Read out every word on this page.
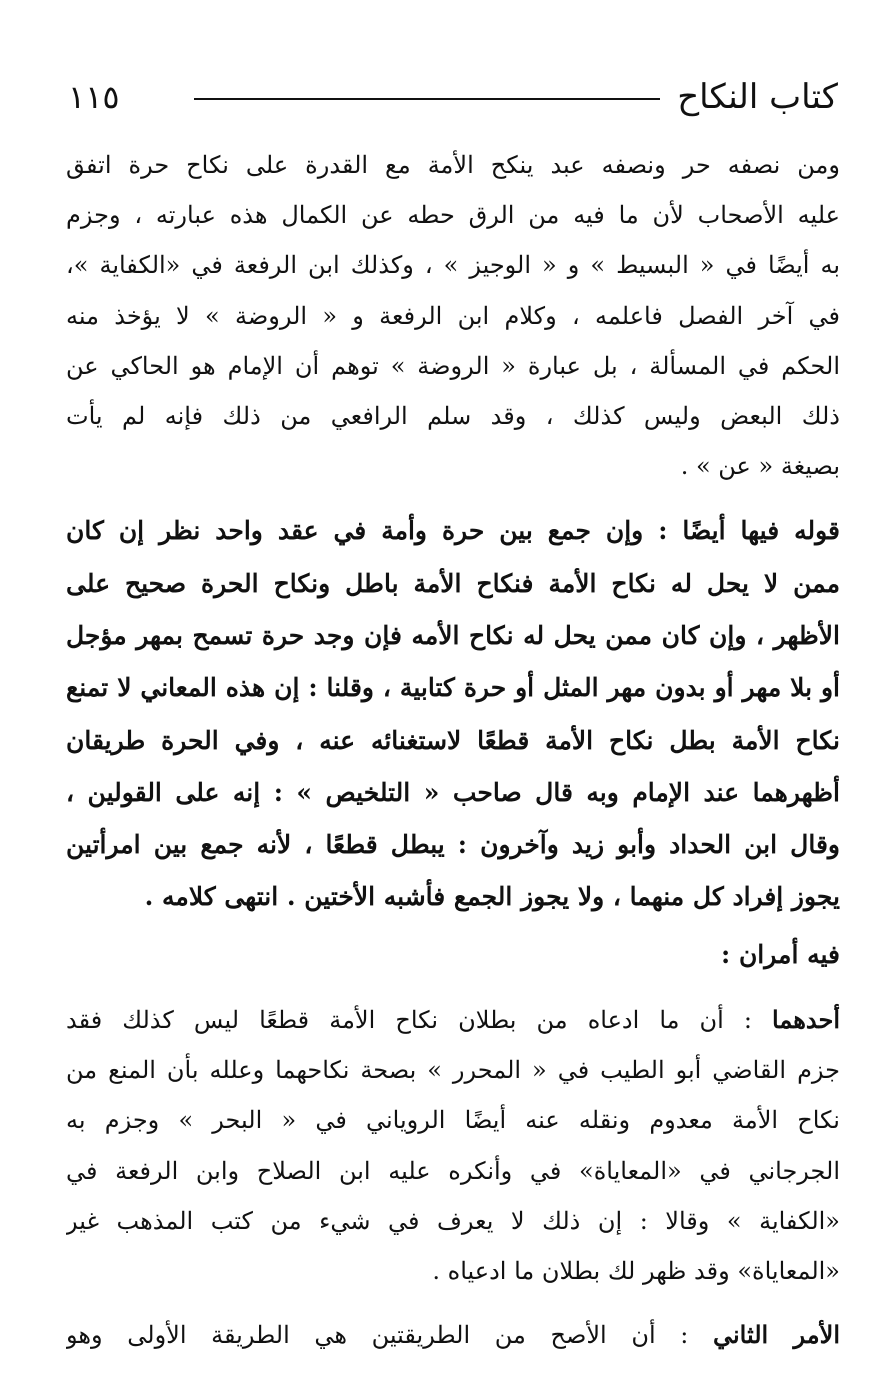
كتاب النكاح
١١٥
ومن نصفه حر ونصفه عبد ينكح الأمة مع القدرة على نكاح حرة اتفق
عليه الأصحاب لأن ما فيه من الرق حطه عن الكمال هذه عبارته ، وجزم
به أيضًا في « البسيط » و « الوجيز » ، وكذلك ابن الرفعة في «الكفاية »،
في آخر الفصل فاعلمه ، وكلام ابن الرفعة و « الروضة » لا يؤخذ منه
الحكم في المسألة ، بل عبارة « الروضة » توهم أن الإمام هو الحاكي عن
ذلك البعض وليس كذلك ، وقد سلم الرافعي من ذلك فإنه لم يأت
بصيغة « عن » .
قوله فيها أيضًا : وإن جمع بين حرة وأمة في عقد واحد نظر إن كان
ممن لا يحل له نكاح الأمة فنكاح الأمة باطل ونكاح الحرة صحيح على
الأظهر ، وإن كان ممن يحل له نكاح الأمه فإن وجد حرة تسمح بمهر مؤجل
أو بلا مهر أو بدون مهر المثل أو حرة كتابية ، وقلنا : إن هذه المعاني لا تمنع
نكاح الأمة بطل نكاح الأمة قطعًا لاستغنائه عنه ، وفي الحرة طريقان
أظهرهما عند الإمام وبه قال صاحب « التلخيص » : إنه على القولين ،
وقال ابن الحداد وأبو زيد وآخرون : يبطل قطعًا ، لأنه جمع بين امرأتين
يجوز إفراد كل منهما ، ولا يجوز الجمع فأشبه الأختين . انتهى كلامه .
فيه أمران :
أحدهما : أن ما ادعاه من بطلان نكاح الأمة قطعًا ليس كذلك فقد
جزم القاضي أبو الطيب في « المحرر » بصحة نكاحهما وعلله بأن المنع من
نكاح الأمة معدوم ونقله عنه أيضًا الروياني في « البحر » وجزم به
الجرجاني في «المعاياة» في وأنكره عليه ابن الصلاح وابن الرفعة في
«الكفاية » وقالا : إن ذلك لا يعرف في شيء من كتب المذهب غير
«المعاياة» وقد ظهر لك بطلان ما ادعياه .
الأمر الثاني : أن الأصح من الطريقتين هي الطريقة الأولى وهو
